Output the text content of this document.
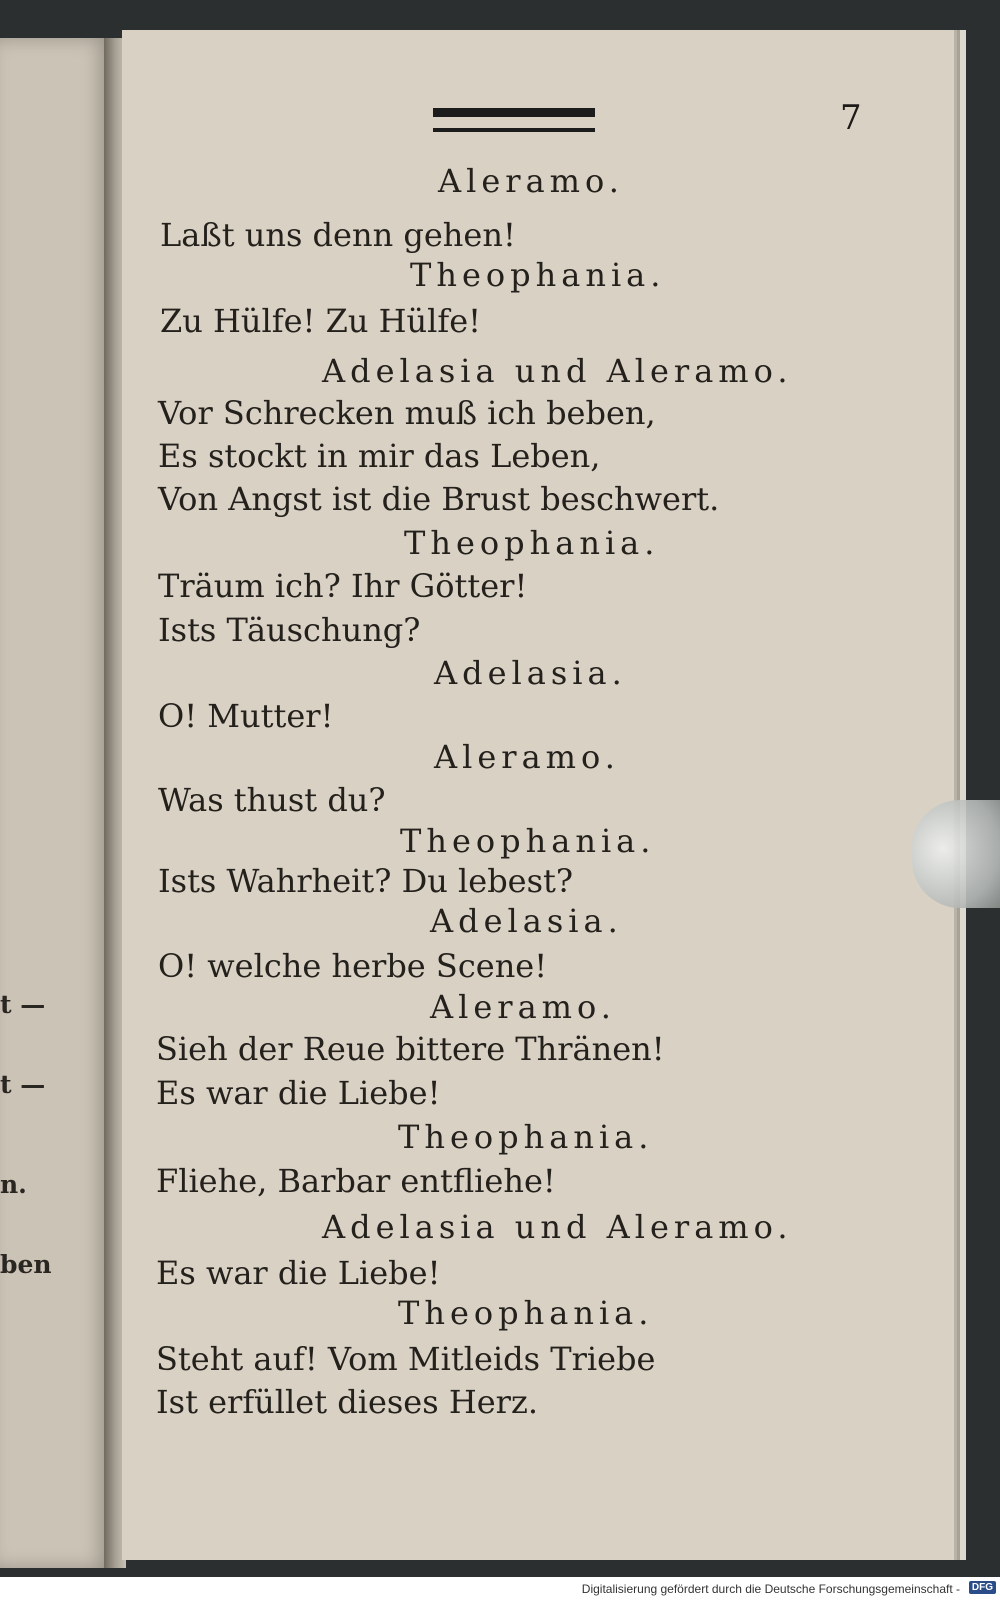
t —
t —
n.
ben
7
Aleramo.
Laßt uns denn gehen!
Theophania.
Zu Hülfe! Zu Hülfe!
Adelasia und Aleramo.
Vor Schrecken muß ich beben,
Es stockt in mir das Leben,
Von Angst ist die Brust beschwert.
Theophania.
Träum ich? Ihr Götter!
Ists Täuschung?
Adelasia.
O! Mutter!
Aleramo.
Was thust du?
Theophania.
Ists Wahrheit? Du lebest?
Adelasia.
O! welche herbe Scene!
Aleramo.
Sieh der Reue bittere Thränen!
Es war die Liebe!
Theophania.
Fliehe, Barbar entfliehe!
Adelasia und Aleramo.
Es war die Liebe!
Theophania.
Steht auf! Vom Mitleids Triebe
Ist erfüllet dieses Herz.
Digitalisierung gefördert durch die Deutsche Forschungsgemeinschaft -	DFG
